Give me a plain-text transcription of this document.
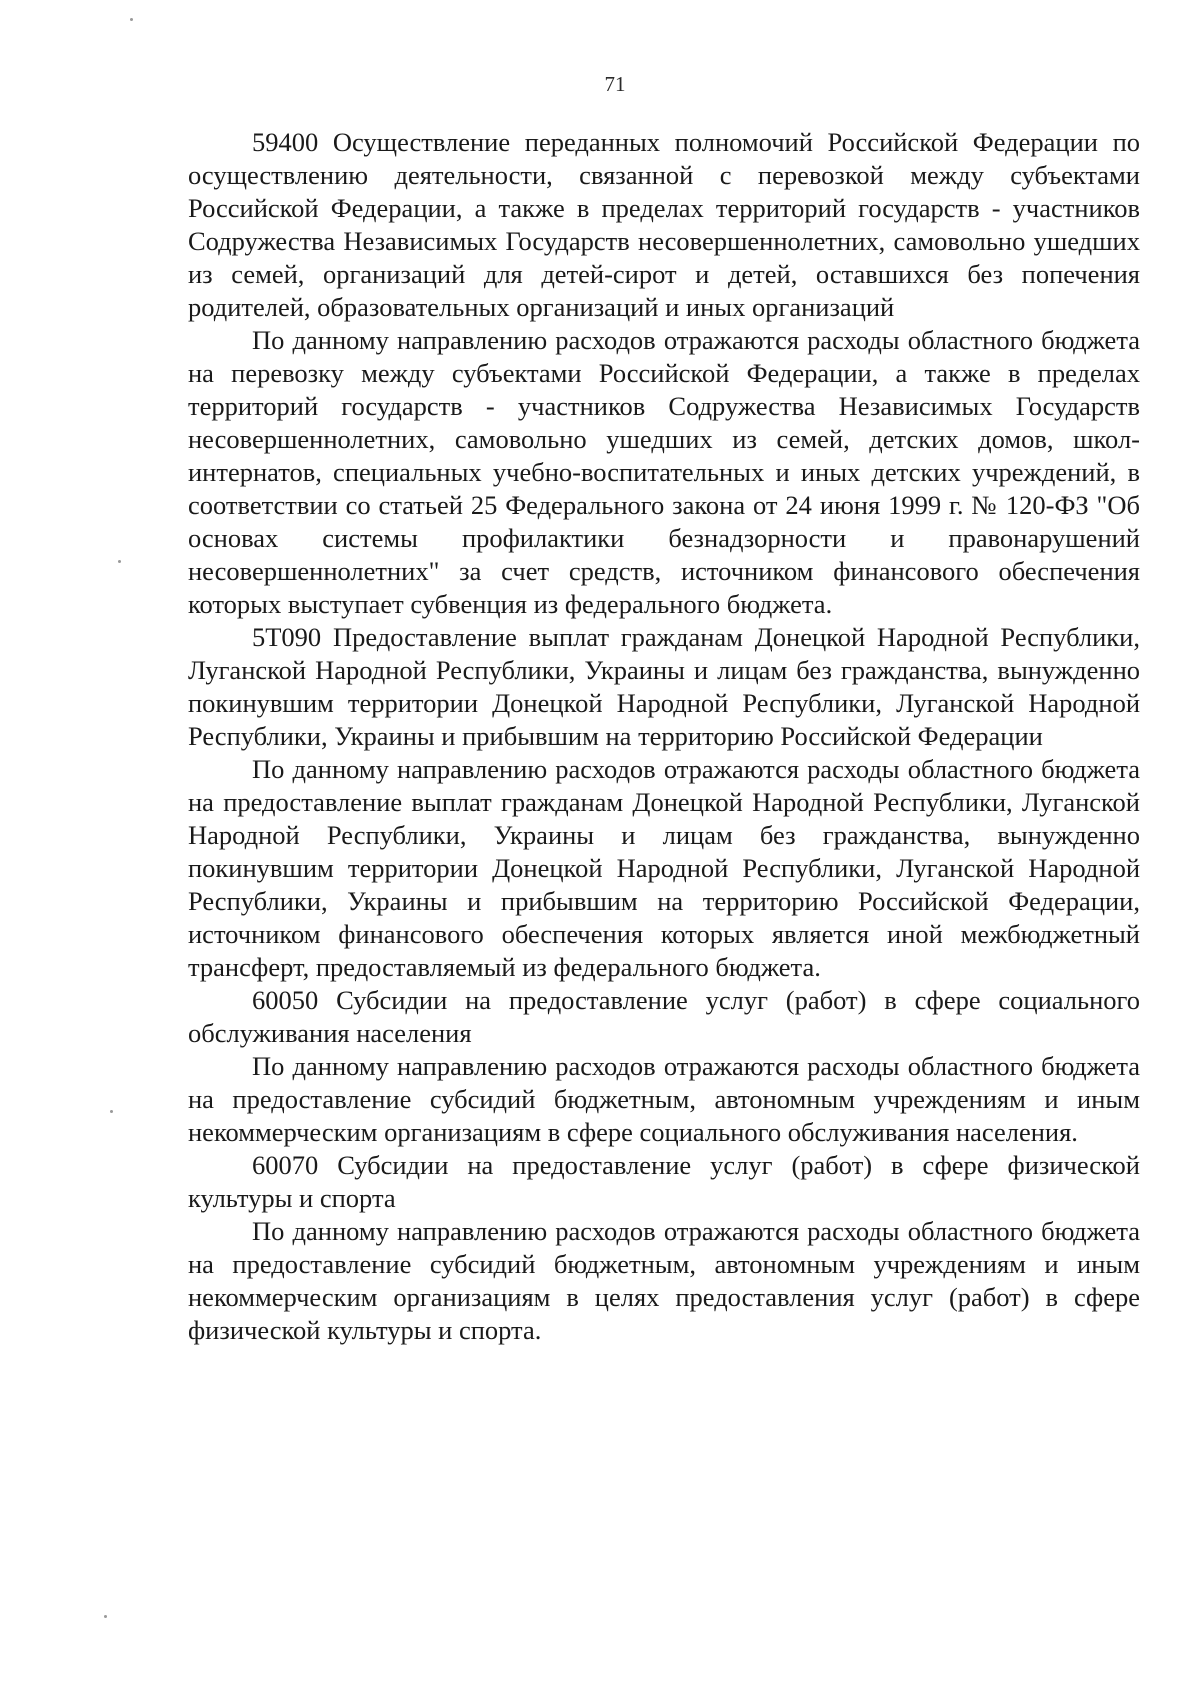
71

59400 Осуществление переданных полномочий Российской Федерации по осуществлению деятельности, связанной с перевозкой между субъектами Российской Федерации, а также в пределах территорий государств - участников Содружества Независимых Государств несовершеннолетних, самовольно ушедших из семей, организаций для детей-сирот и детей, оставшихся без попечения родителей, образовательных организаций и иных организаций

По данному направлению расходов отражаются расходы областного бюджета на перевозку между субъектами Российской Федерации, а также в пределах территорий государств - участников Содружества Независимых Государств несовершеннолетних, самовольно ушедших из семей, детских домов, школ-интернатов, специальных учебно-воспитательных и иных детских учреждений, в соответствии со статьей 25 Федерального закона от 24 июня 1999 г. № 120-ФЗ "Об основах системы профилактики безнадзорности и правонарушений несовершеннолетних" за счет средств, источником финансового обеспечения которых выступает субвенция из федерального бюджета.

5Т090 Предоставление выплат гражданам Донецкой Народной Республики, Луганской Народной Республики, Украины и лицам без гражданства, вынужденно покинувшим территории Донецкой Народной Республики, Луганской Народной Республики, Украины и прибывшим на территорию Российской Федерации

По данному направлению расходов отражаются расходы областного бюджета на предоставление выплат гражданам Донецкой Народной Республики, Луганской Народной Республики, Украины и лицам без гражданства, вынужденно покинувшим территории Донецкой Народной Республики, Луганской Народной Республики, Украины и прибывшим на территорию Российской Федерации, источником финансового обеспечения которых является иной межбюджетный трансферт, предоставляемый из федерального бюджета.

60050 Субсидии на предоставление услуг (работ) в сфере социального обслуживания населения

По данному направлению расходов отражаются расходы областного бюджета на предоставление субсидий бюджетным, автономным учреждениям и иным некоммерческим организациям в сфере социального обслуживания населения.

60070 Субсидии на предоставление услуг (работ) в сфере физической культуры и спорта

По данному направлению расходов отражаются расходы областного бюджета на предоставление субсидий бюджетным, автономным учреждениям и иным некоммерческим организациям в целях предоставления услуг (работ) в сфере физической культуры и спорта.
